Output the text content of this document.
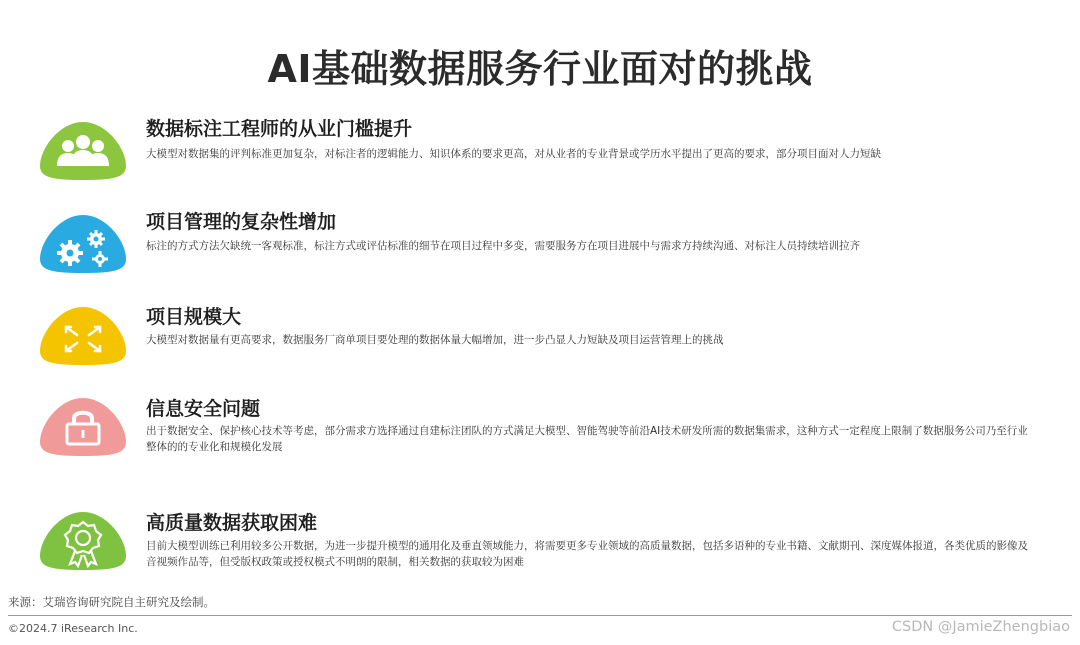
AI基础数据服务行业面对的挑战
数据标注工程师的从业门槛提升
大模型对数据集的评判标准更加复杂，对标注者的逻辑能力、知识体系的要求更高，对从业者的专业背景或学历水平提出了更高的要求，部分项目面对人力短缺
项目管理的复杂性增加
标注的方式方法欠缺统一客观标准，标注方式或评估标准的细节在项目过程中多变，需要服务方在项目进展中与需求方持续沟通、对标注人员持续培训拉齐
项目规模大
大模型对数据量有更高要求，数据服务厂商单项目要处理的数据体量大幅增加，进一步凸显人力短缺及项目运营管理上的挑战
信息安全问题
出于数据安全、保护核心技术等考虑，部分需求方选择通过自建标注团队的方式满足大模型、智能驾驶等前沿AI技术研发所需的数据集需求，这种方式一定程度上限制了数据服务公司乃至行业整体的的专业化和规模化发展
高质量数据获取困难
目前大模型训练已利用较多公开数据，为进一步提升模型的通用化及垂直领域能力，将需要更多专业领域的高质量数据，包括多语种的专业书籍、文献期刊、深度媒体报道，各类优质的影像及音视频作品等，但受版权政策或授权模式不明朗的限制，相关数据的获取较为困难
来源：艾瑞咨询研究院自主研究及绘制。
©2024.7 iResearch Inc.	CSDN @JamieZhengbiao
